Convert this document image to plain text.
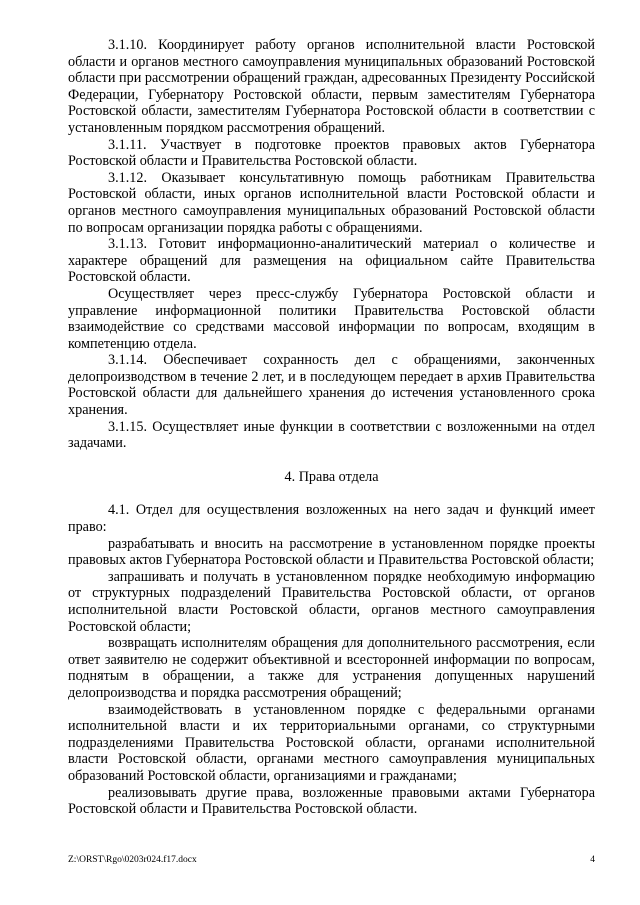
3.1.10. Координирует работу органов исполнительной власти Ростовской области и органов местного самоуправления муниципальных образований Ростовской области при рассмотрении обращений граждан, адресованных Президенту Российской Федерации, Губернатору Ростовской области, первым заместителям Губернатора Ростовской области, заместителям Губернатора Ростовской области в соответствии с установленным порядком рассмотрения обращений.

3.1.11. Участвует в подготовке проектов правовых актов Губернатора Ростовской области и Правительства Ростовской области.

3.1.12. Оказывает консультативную помощь работникам Правительства Ростовской области, иных органов исполнительной власти Ростовской области и органов местного самоуправления муниципальных образований Ростовской области по вопросам организации порядка работы с обращениями.

3.1.13. Готовит информационно-аналитический материал о количестве и характере обращений для размещения на официальном сайте Правительства Ростовской области.

Осуществляет через пресс-службу Губернатора Ростовской области и управление информационной политики Правительства Ростовской области взаимодействие со средствами массовой информации по вопросам, входящим в компетенцию отдела.

3.1.14. Обеспечивает сохранность дел с обращениями, законченных делопроизводством в течение 2 лет, и в последующем передает в архив Правительства Ростовской области для дальнейшего хранения до истечения установленного срока хранения.

3.1.15. Осуществляет иные функции в соответствии с возложенными на отдел задачами.

4. Права отдела

4.1. Отдел для осуществления возложенных на него задач и функций имеет право:

разрабатывать и вносить на рассмотрение в установленном порядке проекты правовых актов Губернатора Ростовской области и Правительства Ростовской области;

запрашивать и получать в установленном порядке необходимую информацию от структурных подразделений Правительства Ростовской области, от органов исполнительной власти Ростовской области, органов местного самоуправления Ростовской области;

возвращать исполнителям обращения для дополнительного рассмотрения, если ответ заявителю не содержит объективной и всесторонней информации по вопросам, поднятым в обращении, а также для устранения допущенных нарушений делопроизводства и порядка рассмотрения обращений;

взаимодействовать в установленном порядке с федеральными органами исполнительной власти и их территориальными органами, со структурными подразделениями Правительства Ростовской области, органами исполнительной власти Ростовской области, органами местного самоуправления муниципальных образований Ростовской области, организациями и гражданами;

реализовывать другие права, возложенные правовыми актами Губернатора Ростовской области и Правительства Ростовской области.

Z:\ORST\Rgo\0203r024.f17.docx	4
